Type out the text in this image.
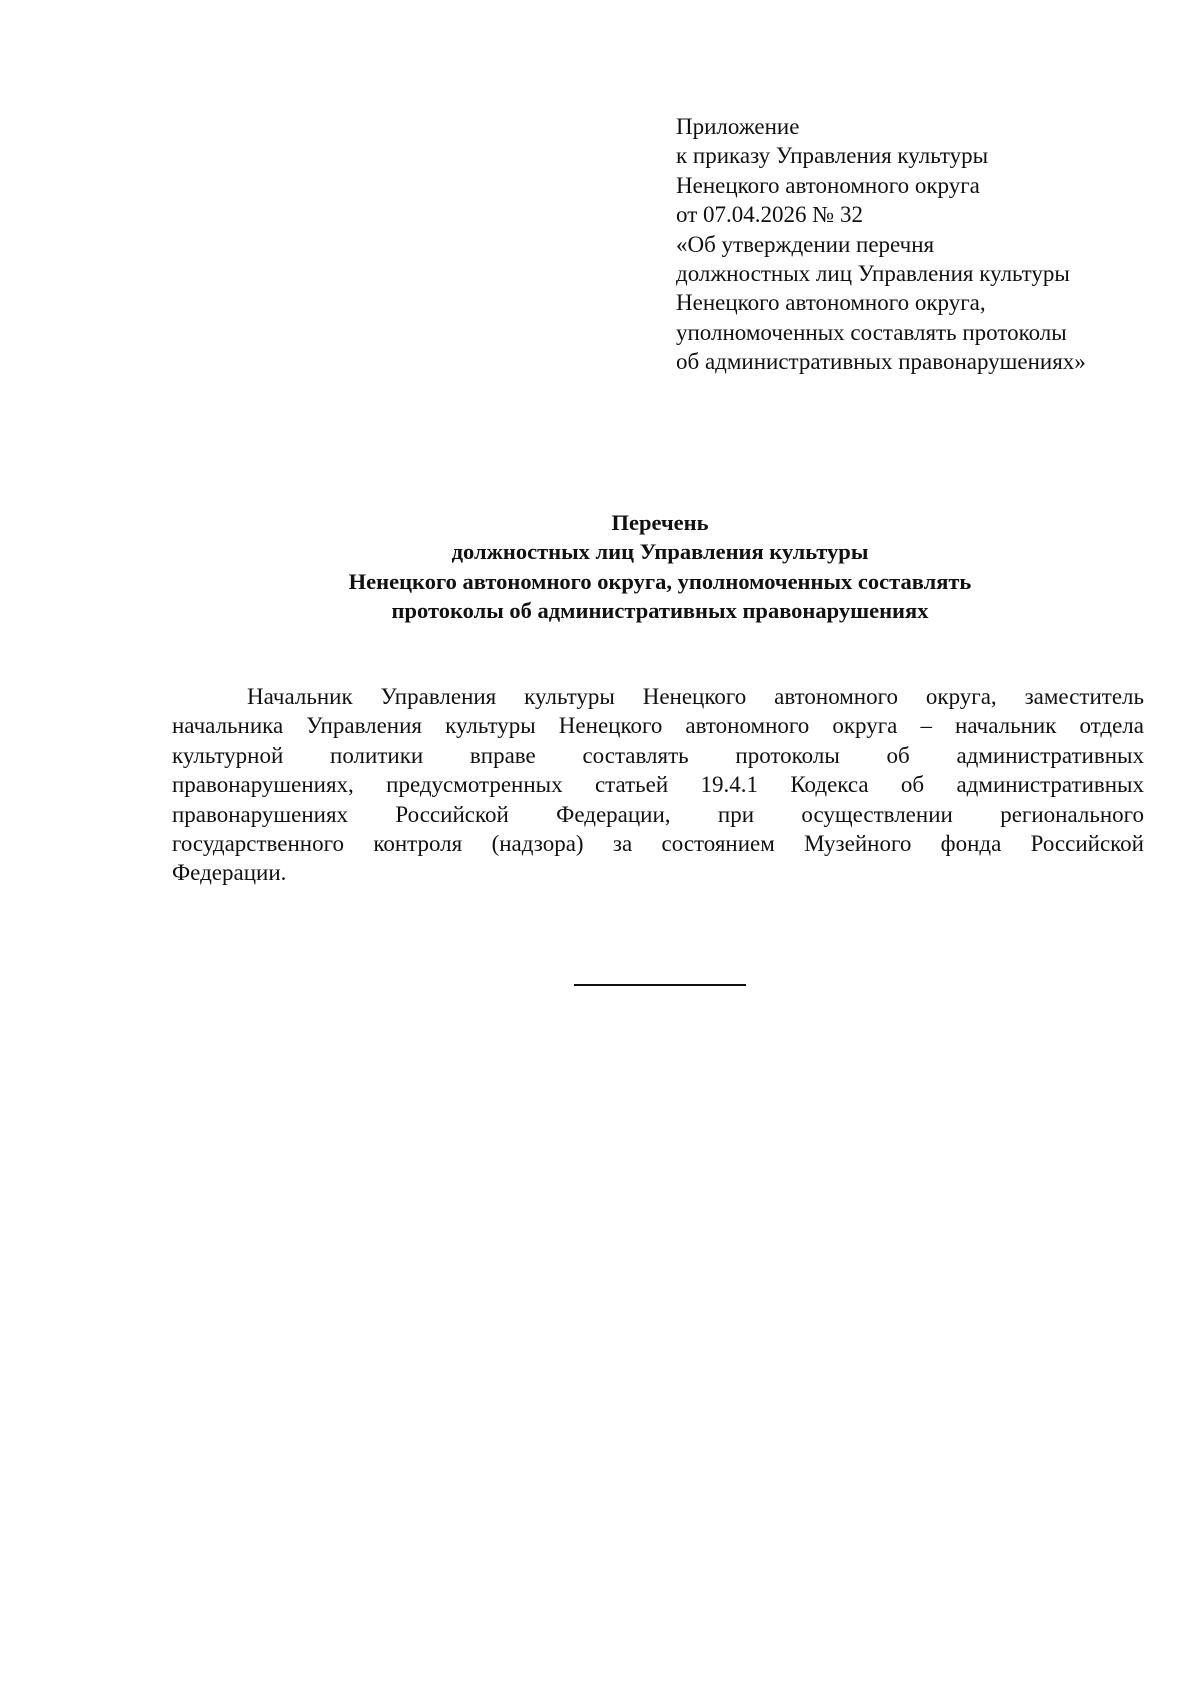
Приложение
к приказу Управления культуры
Ненецкого автономного округа
от 07.04.2026 № 32
«Об утверждении перечня
должностных лиц Управления культуры
Ненецкого автономного округа,
уполномоченных составлять протоколы
об административных правонарушениях»
Перечень
должностных лиц Управления культуры
Ненецкого автономного округа, уполномоченных составлять
протоколы об административных правонарушениях
Начальник Управления культуры Ненецкого автономного округа, заместитель
начальника Управления культуры Ненецкого автономного округа – начальник отдела
культурной политики вправе составлять протоколы об административных
правонарушениях, предусмотренных статьей 19.4.1 Кодекса об административных
правонарушениях Российской Федерации, при осуществлении регионального
государственного контроля (надзора) за состоянием Музейного фонда Российской
Федерации.
